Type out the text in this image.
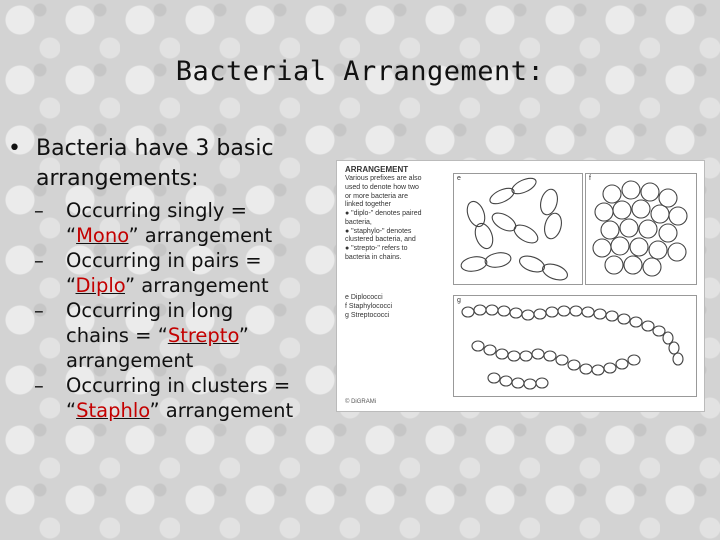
Bacterial Arrangement:
• Bacteria have 3 basic
arrangements:
–	Occurring singly =
“Mono” arrangement
–	Occurring in pairs =
“Diplo” arrangement
–	Occurring in long
chains = “Strepto”
arrangement
–	Occurring in clusters =
“Staphlo” arrangement

ARRANGEMENT

Various prefixes are also

used to denote how two

or more bacteria are

linked together

● "diplo-" denotes paired

bacteria,

● "staphylo-" denotes

clustered bacteria, and

● "strepto-" refers to

bacteria in chains.

e Diplococci
f Staphylococci
g Streptococci
© DiGRAMi
e	f
g
